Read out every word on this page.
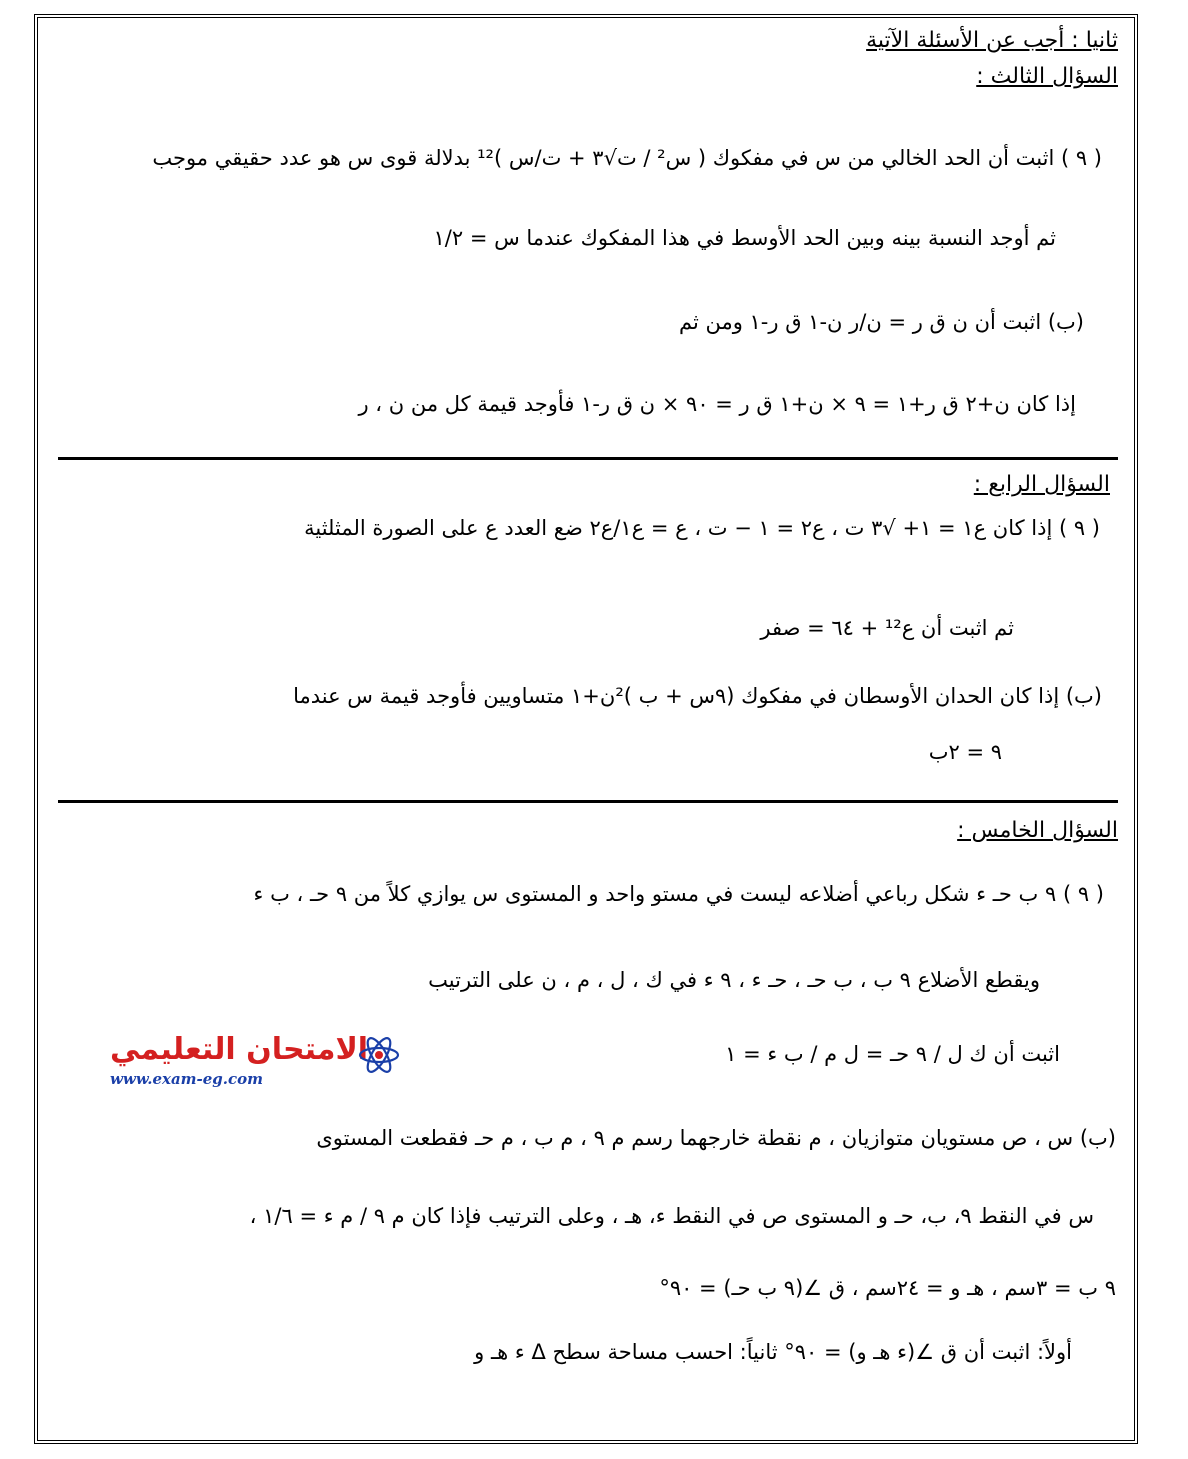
ثانيا : أجب عن الأسئلة الآتية
السؤال الثالث :
( ٩ ) اثبت أن الحد الخالي من س في مفكوك ( س² / ت√٣ + ت/س )¹² بدلالة قوى س هو عدد حقيقي موجب
ثم أوجد النسبة بينه وبين الحد الأوسط في هذا المفكوك عندما س = ١/٢
(ب) اثبت أن ن ق ر = ن/ر ن-١ ق ر-١ ومن ثم
إذا كان ن+٢ ق ر+١ = ٩ × ن+١ ق ر = ٩٠ × ن ق ر-١ فأوجد قيمة كل من ن ، ر
السؤال الرابع :
( ٩ ) إذا كان ع١ = ١+ √٣ ت ، ع٢ = ١ − ت ، ع = ع١/ع٢ ضع العدد ع على الصورة المثلثية
ثم اثبت أن ع¹² + ٦٤ = صفر
(ب) إذا كان الحدان الأوسطان في مفكوك (٩س + ب )²ن+١ متساويين فأوجد قيمة س عندما
٩ = ٢ب
السؤال الخامس :
( ٩ ) ٩ ب حـ ء شكل رباعي أضلاعه ليست في مستو واحد و المستوى س يوازي كلاً من ٩ حـ ، ب ء
ويقطع الأضلاع ٩ ب ، ب حـ ، حـ ء ، ٩ ء في ك ، ل ، م ، ن على الترتيب
اثبت أن ك ل / ٩ حـ = ل م / ب ء = ١
(ب) س ، ص مستويان متوازيان ، م نقطة خارجهما رسم م ٩ ، م ب ، م حـ فقطعت المستوى
س في النقط ٩، ب، حـ و المستوى ص في النقط ء، هـ ، وعلى الترتيب فإذا كان م ٩ / م ء = ١/٦ ،
٩ ب = ٣سم ، هـ و = ٢٤سم ، ق ∠(٩ ب حـ) = ٩٠°
أولاً: اثبت أن ق ∠(ء هـ و) = ٩٠° ثانياً: احسب مساحة سطح Δ ء هـ و
الامتحان التعليمي
www.exam-eg.com
